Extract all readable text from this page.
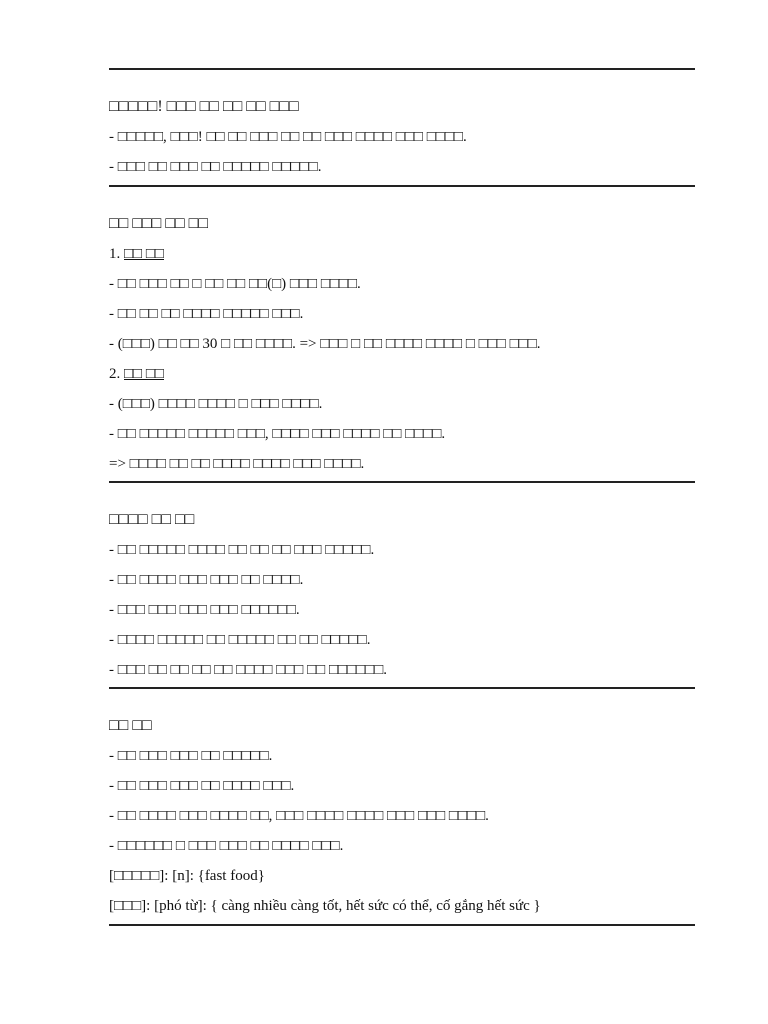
□□□□□! □□□ □□ □□ □□ □□□
- □□□□□, □□□! □□ □□ □□□ □□ □□ □□□ □□□□ □□□ □□□□.
- □□□ □□ □□□ □□ □□□□□ □□□□□.
□□ □□□ □□ □□
1. □□ □□
- □□ □□□ □□ □ □□ □□ □□(□) □□□ □□□□.
- □□ □□ □□ □□□□ □□□□□ □□□.
- (□□□) □□ □□ 30 □ □□ □□□□. => □□□ □ □□ □□□□ □□□□ □ □□□ □□□.
2. □□ □□
- (□□□) □□□□ □□□□ □ □□□ □□□□.
- □□ □□□□□ □□□□□ □□□, □□□□ □□□ □□□□ □□ □□□□.
=> □□□□ □□ □□ □□□□ □□□□ □□□ □□□□.
□□□□ □□ □□
- □□ □□□□□ □□□□ □□ □□ □□ □□□ □□□□□.
- □□ □□□□ □□□ □□□ □□ □□□□.
- □□□ □□□ □□□ □□□ □□□□□□.
- □□□□ □□□□□ □□ □□□□□ □□ □□ □□□□□.
- □□□ □□ □□ □□ □□ □□□□ □□□ □□ □□□□□□.
□□ □□
- □□ □□□ □□□ □□ □□□□□.
- □□ □□□ □□□ □□ □□□□ □□□.
- □□ □□□□ □□□ □□□□ □□, □□□ □□□□ □□□□ □□□ □□□ □□□□.
- □□□□□□ □ □□□ □□□ □□ □□□□ □□□.
[□□□□□]: [n]: {fast food}
[□□□]: [phó từ]: { càng nhiều càng tốt, hết sức có thể, cố gắng hết sức }
